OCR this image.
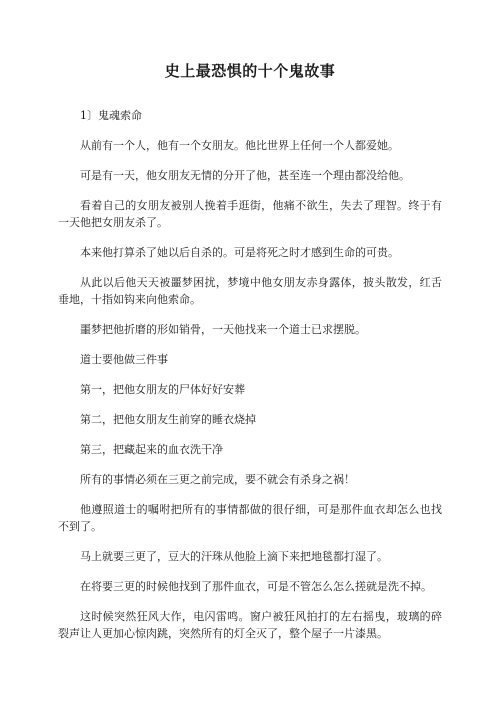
史上最恐惧的十个鬼故事
1〕鬼魂索命

从前有一个人，他有一个女朋友。他比世界上任何一个人都爱她。

可是有一天，他女朋友无情的分开了他，甚至连一个理由都没给他。

看着自己的女朋友被别人挽着手逛街，他痛不欲生，失去了理智。终于有一天他把女朋友杀了。

本来他打算杀了她以后自杀的。可是将死之时才感到生命的可贵。

从此以后他天天被噩梦困扰，梦境中他女朋友赤身露体，披头散发，红舌垂地，十指如钩来向他索命。

噩梦把他折磨的形如销骨，一天他找来一个道士已求摆脱。

道士要他做三件事

第一，把他女朋友的尸体好好安葬

第二，把他女朋友生前穿的睡衣烧掉

第三，把藏起来的血衣洗干净

所有的事情必须在三更之前完成，要不就会有杀身之祸！

他遵照道士的嘱咐把所有的事情都做的很仔细，可是那件血衣却怎么也找不到了。

马上就要三更了，豆大的汗珠从他脸上滴下来把地毯都打湿了。

在将要三更的时候他找到了那件血衣，可是不管怎么怎么搓就是洗不掉。

这时候突然狂风大作，电闪雷鸣。窗户被狂风拍打的左右摇曳，玻璃的碎裂声让人更加心惊肉跳，突然所有的灯全灭了，整个屋子一片漆黑。
